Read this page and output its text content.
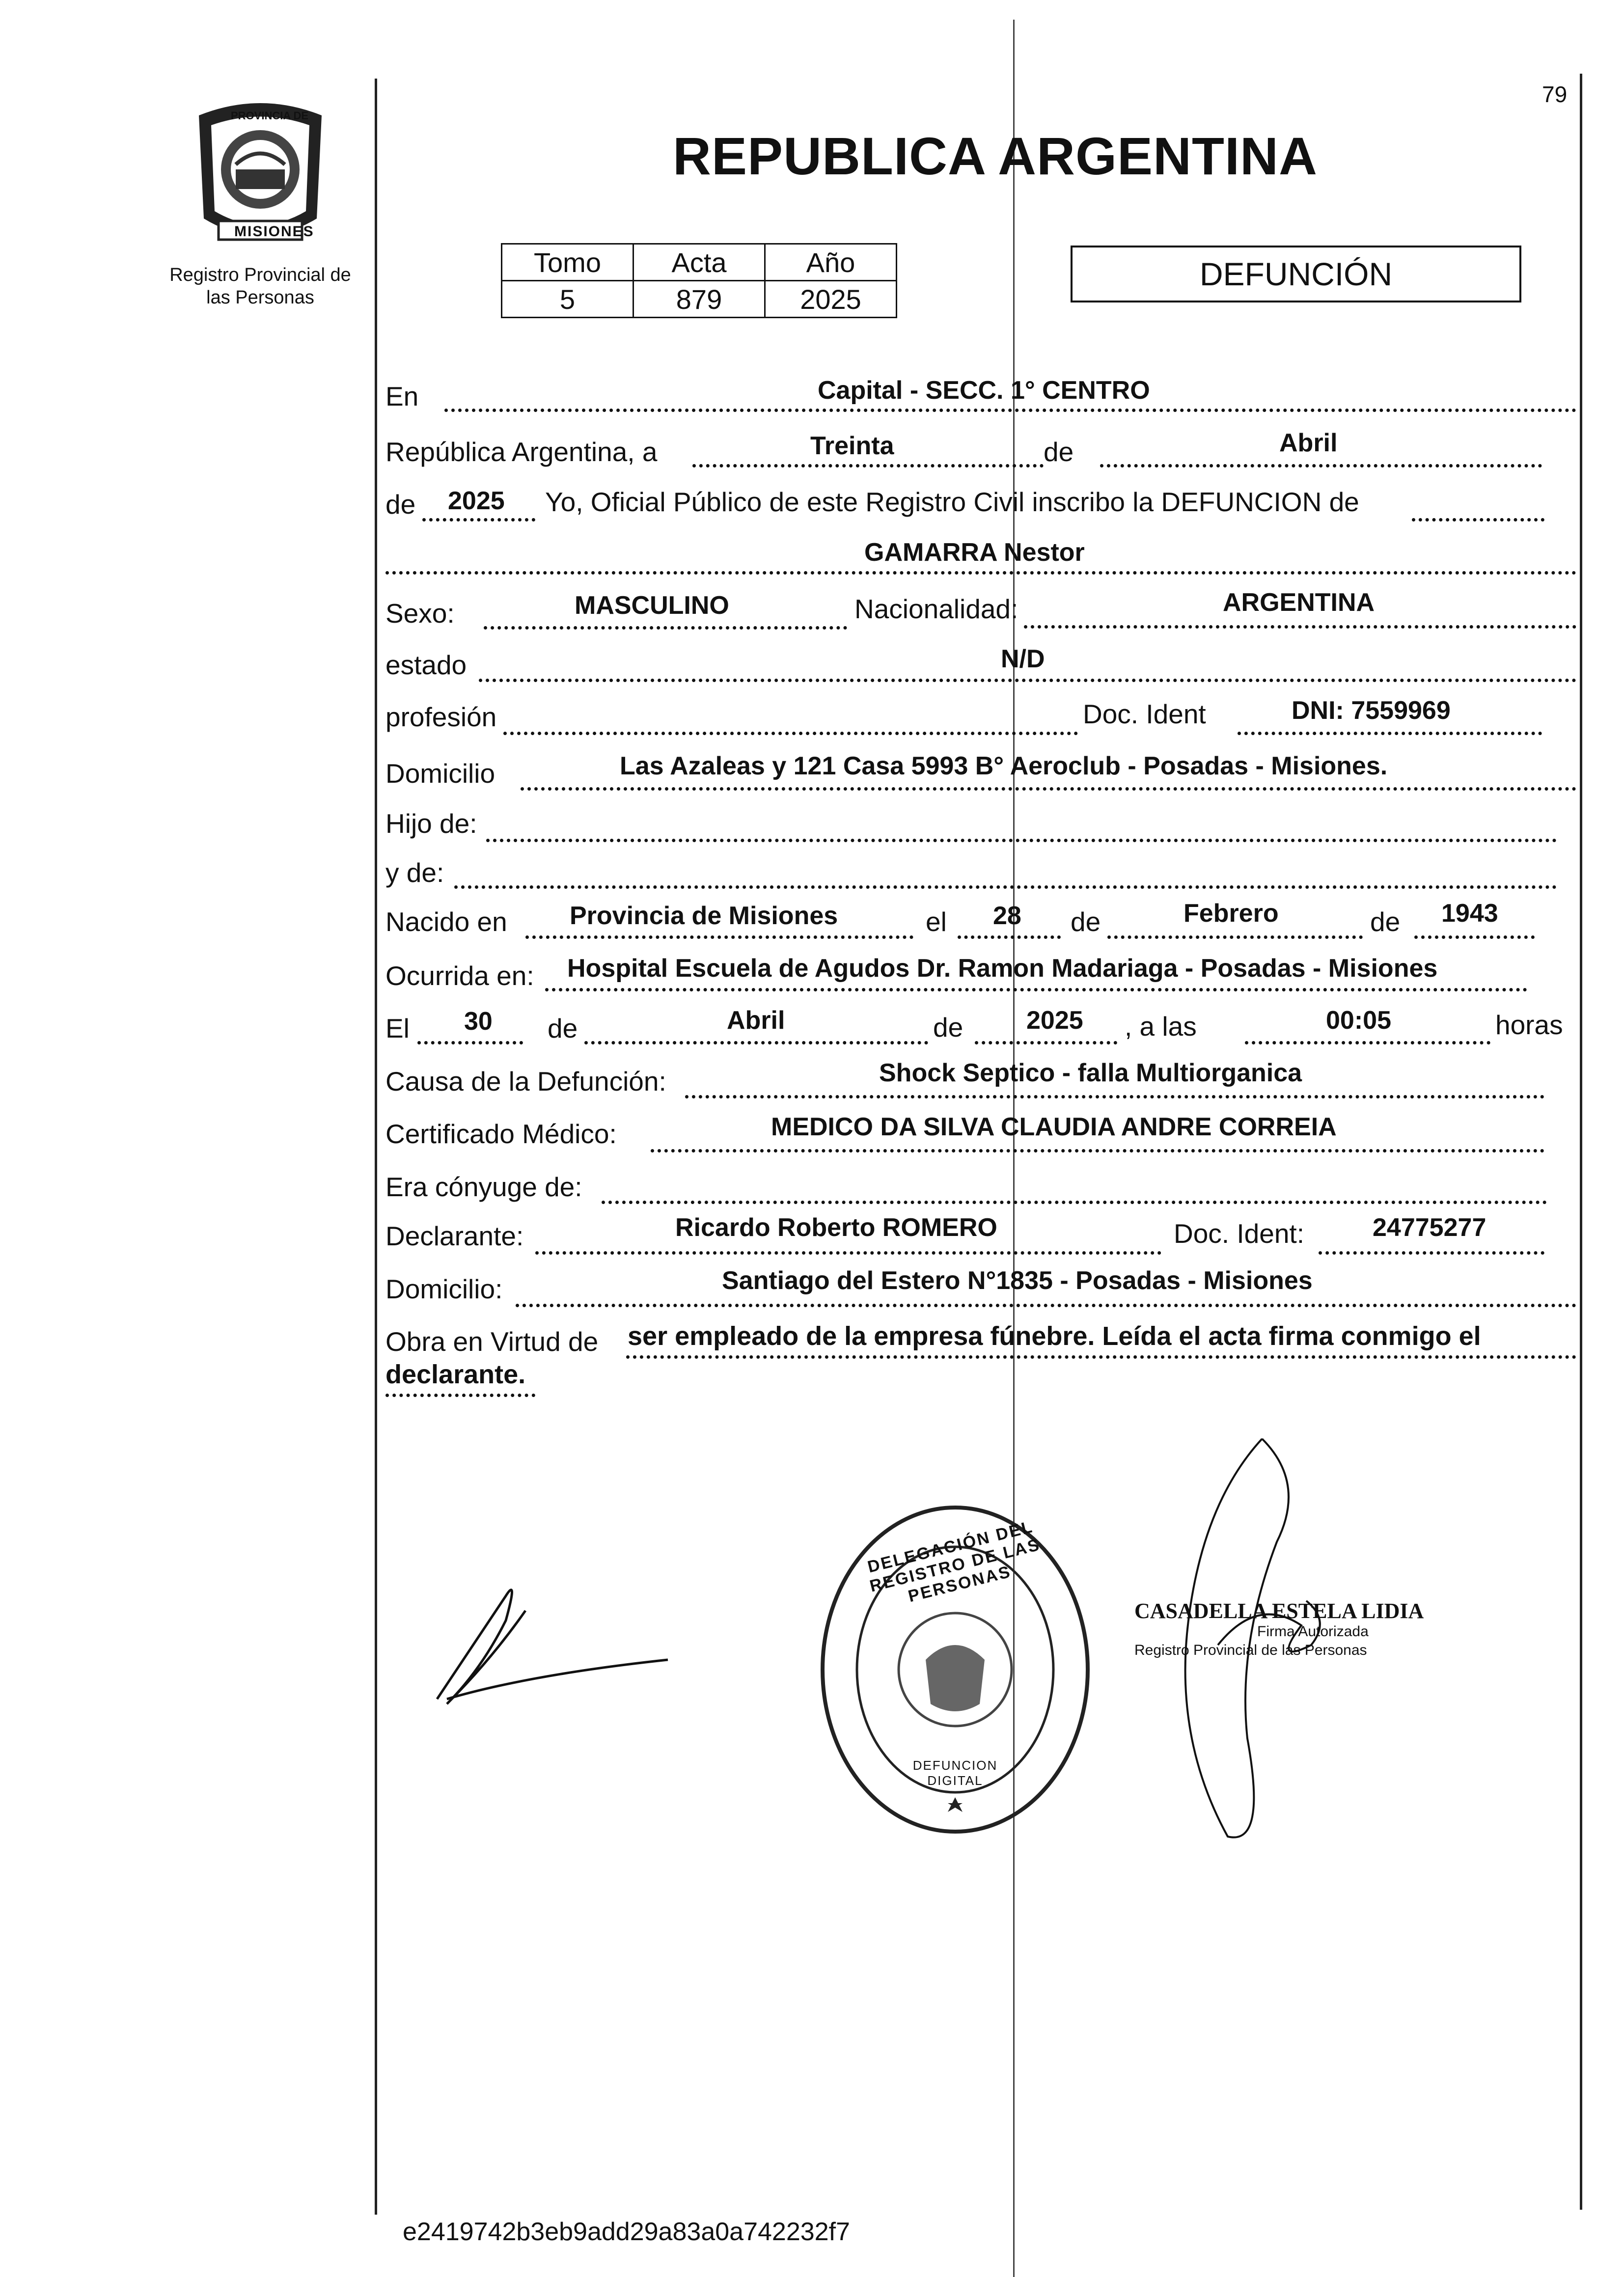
PROVINCIA DE
MISIONES
Registro Provincial de
las Personas
79
REPUBLICA ARGENTINA
Tomo	Acta	Año
5	879	2025
DEFUNCIÓN
En	Capital - SECC. 1° CENTRO
República Argentina, a	Treinta	de	Abril
de 2025 Yo, Oficial Público de este Registro Civil inscribo la DEFUNCION de
GAMARRA Nestor
Sexo:	MASCULINO	Nacionalidad:	ARGENTINA
estado	N/D
profesión	Doc. Ident	DNI: 7559969
Domicilio	Las Azaleas y 121 Casa 5993 B° Aeroclub - Posadas - Misiones.
Hijo de:
y de:
Nacido en Provincia de Misiones	el 28 de	Febrero	de 1943
Ocurrida en: Hospital Escuela de Agudos Dr. Ramon Madariaga - Posadas - Misiones
El 30 de	Abril	de 2025 , a las	00:05	horas
Causa de la Defunción:	Shock Septico - falla Multiorganica
Certificado Médico:	MEDICO DA SILVA CLAUDIA ANDRE CORREIA
Era cónyuge de:
Declarante:	Ricardo Roberto ROMERO	Doc. Ident:	24775277
Domicilio:	Santiago del Estero N°1835 - Posadas - Misiones
Obra en Virtud de ser empleado de la empresa fúnebre. Leída el acta firma conmigo el
declarante.
DELEGACIÓN DEL REGISTRO DE LAS PERSONAS
DEFUNCION DIGITAL
CASADELLA ESTELA LIDIA
Firma Autorizada
Registro Provincial de las Personas
e2419742b3eb9add29a83a0a742232f7
